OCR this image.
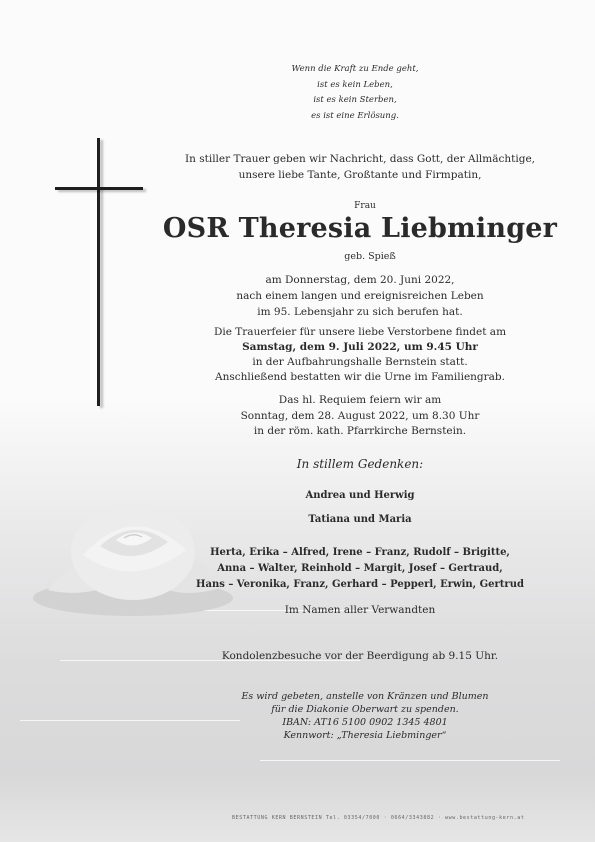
Wenn die Kraft zu Ende geht,
ist es kein Leben,
ist es kein Sterben,
es ist eine Erlösung.
In stiller Trauer geben wir Nachricht, dass Gott, der Allmächtige,
unsere liebe Tante, Großtante und Firmpatin,
Frau
OSR Theresia Liebminger
geb. Spieß
am Donnerstag, dem 20. Juni 2022,
nach einem langen und ereignisreichen Leben
im 95. Lebensjahr zu sich berufen hat.
Die Trauerfeier für unsere liebe Verstorbene findet am
Samstag, dem 9. Juli 2022, um 9.45 Uhr
in der Aufbahrungshalle Bernstein statt.
Anschließend bestatten wir die Urne im Familiengrab.
Das hl. Requiem feiern wir am
Sonntag, dem 28. August 2022, um 8.30 Uhr
in der röm. kath. Pfarrkirche Bernstein.
In stillem Gedenken:
Andrea und Herwig
Tatiana und Maria
Herta, Erika – Alfred, Irene – Franz, Rudolf – Brigitte,
Anna – Walter, Reinhold – Margit, Josef – Gertraud,
Hans – Veronika, Franz, Gerhard – Pepperl, Erwin, Gertrud
Im Namen aller Verwandten
Kondolenzbesuche vor der Beerdigung ab 9.15 Uhr.
Es wird gebeten, anstelle von Kränzen und Blumen
für die Diakonie Oberwart zu spenden.
IBAN: AT16 5100 0902 1345 4801
Kennwort: „Theresia Liebminger“
BESTATTUNG KERN BERNSTEIN Tel. 03354/7000 · 0664/3343882 · www.bestattung-kern.at
